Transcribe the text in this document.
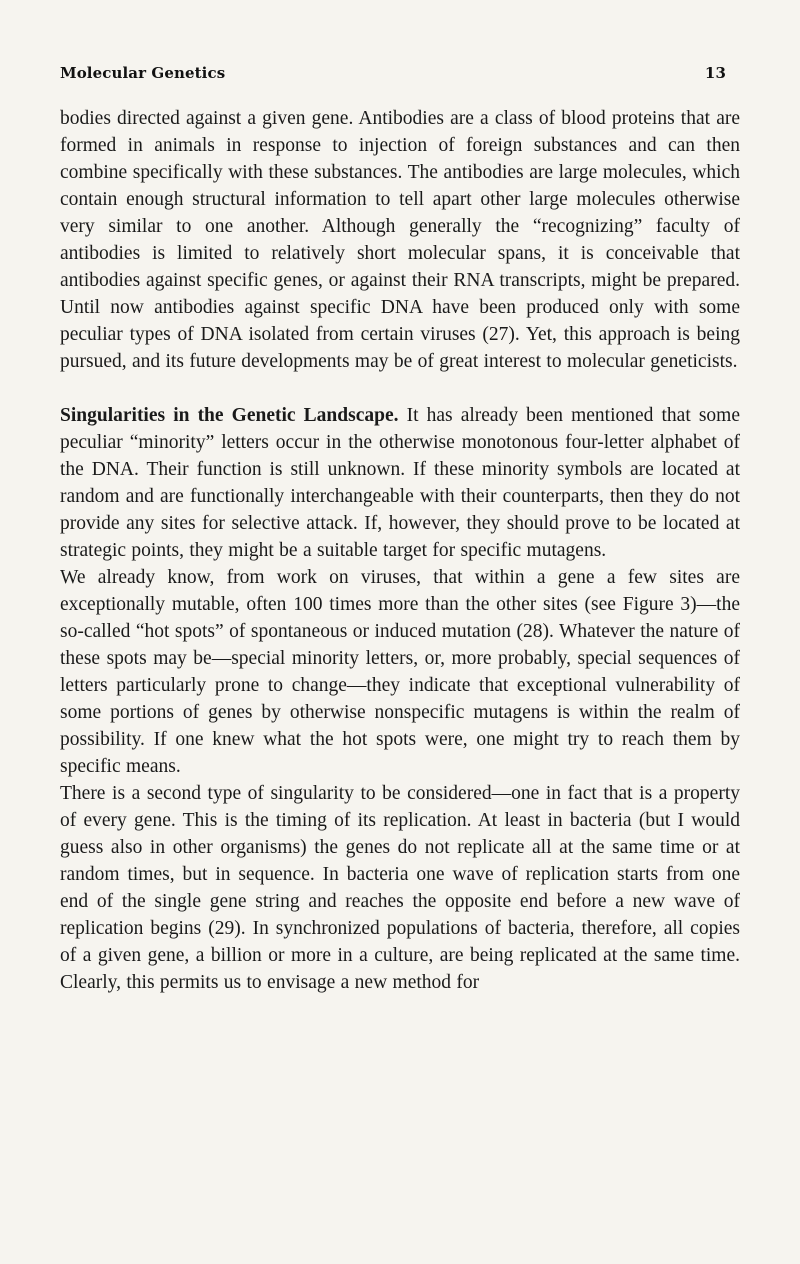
Molecular Genetics	13

bodies directed against a given gene. Antibodies are a class of blood proteins that are formed in animals in response to injection of foreign substances and can then combine specifically with these substances. The antibodies are large molecules, which contain enough structural information to tell apart other large molecules otherwise very similar to one another. Although generally the “recognizing” faculty of antibodies is limited to relatively short molecular spans, it is conceivable that antibodies against specific genes, or against their RNA transcripts, might be prepared. Until now antibodies against specific DNA have been produced only with some peculiar types of DNA isolated from certain viruses (27). Yet, this approach is being pursued, and its future developments may be of great interest to molecular geneticists.

Singularities in the Genetic Landscape. It has already been mentioned that some peculiar “minority” letters occur in the otherwise monotonous four-letter alphabet of the DNA. Their function is still unknown. If these minority symbols are located at random and are functionally interchangeable with their counterparts, then they do not provide any sites for selective attack. If, however, they should prove to be located at strategic points, they might be a suitable target for specific mutagens.

We already know, from work on viruses, that within a gene a few sites are exceptionally mutable, often 100 times more than the other sites (see Figure 3)—the so-called “hot spots” of spontaneous or induced mutation (28). Whatever the nature of these spots may be—special minority letters, or, more probably, special sequences of letters particularly prone to change—they indicate that exceptional vulnerability of some portions of genes by otherwise nonspecific mutagens is within the realm of possibility. If one knew what the hot spots were, one might try to reach them by specific means.

There is a second type of singularity to be considered—one in fact that is a property of every gene. This is the timing of its replication. At least in bacteria (but I would guess also in other organisms) the genes do not replicate all at the same time or at random times, but in sequence. In bacteria one wave of replication starts from one end of the single gene string and reaches the opposite end before a new wave of replication begins (29). In synchronized populations of bacteria, therefore, all copies of a given gene, a billion or more in a culture, are being replicated at the same time. Clearly, this permits us to envisage a new method for
